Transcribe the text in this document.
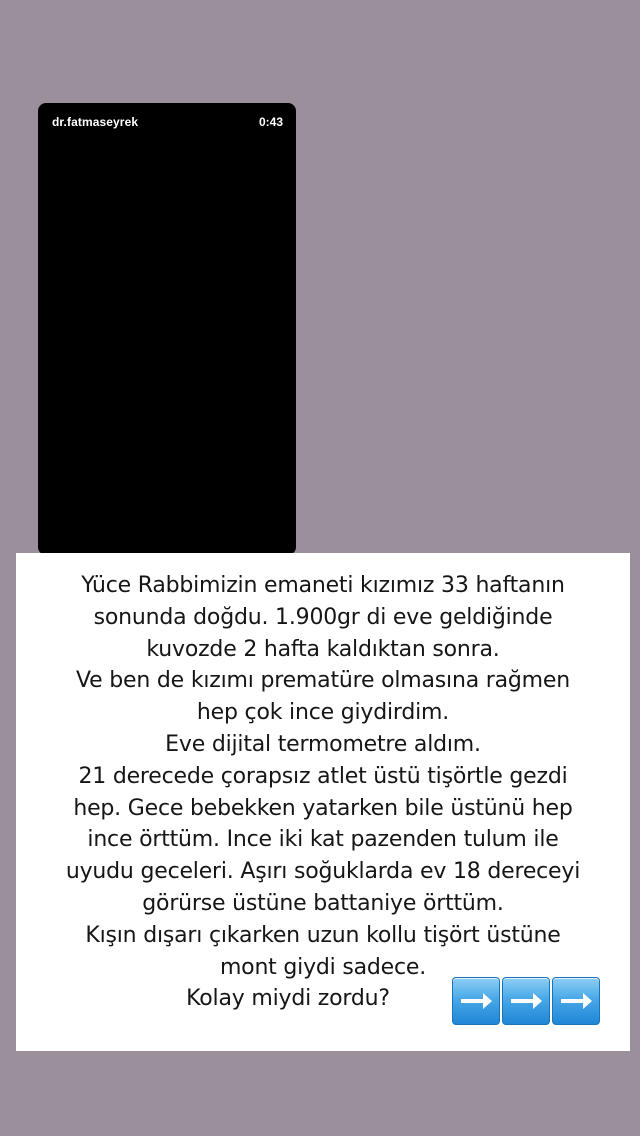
dr.fatmaseyrek	0:43
Yüce Rabbimizin emaneti kızımız 33 haftanın
sonunda doğdu. 1.900gr di eve geldiğinde
kuvozde 2 hafta kaldıktan sonra.
Ve ben de kızımı prematüre olmasına rağmen
hep çok ince giydirdim.
Eve dijital termometre aldım.
21 derecede çorapsız atlet üstü tişörtle gezdi
hep. Gece bebekken yatarken bile üstünü hep
ince örttüm. Ince iki kat pazenden tulum ile
uyudu geceleri. Aşırı soğuklarda ev 18 dereceyi
görürse üstüne battaniye örttüm.
Kışın dışarı çıkarken uzun kollu tişört üstüne
mont giydi sadece.
Kolay miydi zordu?
